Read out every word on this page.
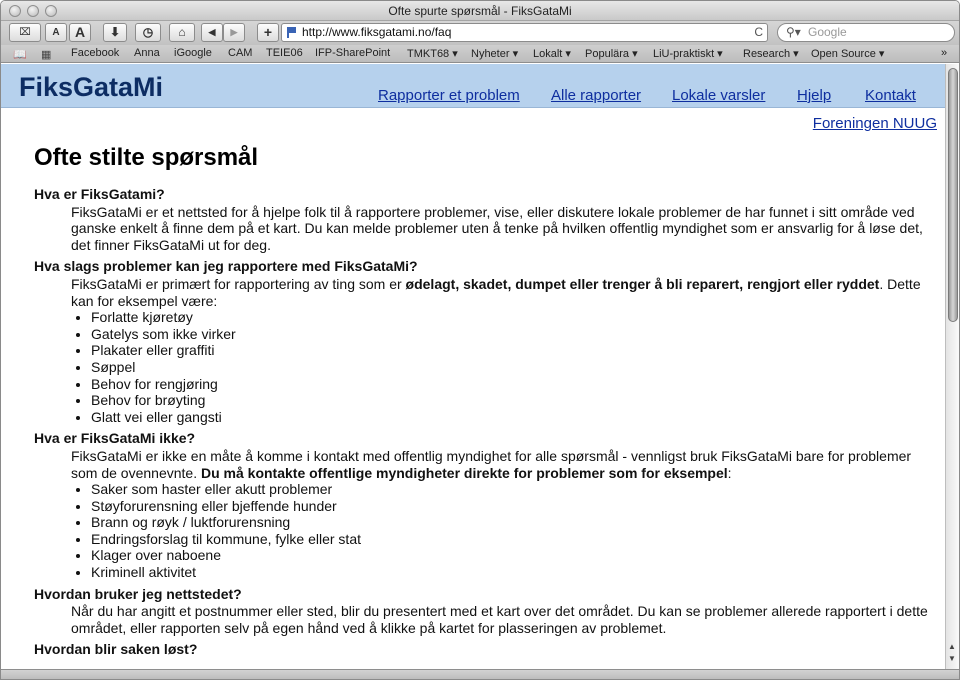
Ofte spurte spørsmål - FiksGataMi
⌧	A	A	⬇	◷	⌂	◀	▶	+	http://www.fiksgatami.no/faq	C ⚲▾ Google
📖 ▦ Facebook Anna iGoogle CAM TEIE06 IFP-SharePoint TMKT68 ▾ Nyheter ▾ Lokalt ▾ Populära ▾ LiU-praktiskt ▾ Research ▾ Open Source ▾	»
FiksGataMi	Rapporter et problem Alle rapporter Lokale varsler Hjelp Kontakt
Foreningen NUUG
Ofte stilte spørsmål
Hva er FiksGatami?
FiksGataMi er et nettsted for å hjelpe folk til å rapportere problemer, vise, eller diskutere lokale problemer de har funnet i sitt område ved ganske enkelt å finne dem på et kart. Du kan melde problemer uten å tenke på hvilken offentlig myndighet som er ansvarlig for å løse det, det finner FiksGataMi ut for deg.
Hva slags problemer kan jeg rapportere med FiksGataMi?
FiksGataMi er primært for rapportering av ting som er ødelagt, skadet, dumpet eller trenger å bli reparert, rengjort eller ryddet. Dette kan for eksempel være:
• Forlatte kjøretøy
• Gatelys som ikke virker
• Plakater eller graffiti
• Søppel
• Behov for rengjøring
• Behov for brøyting
• Glatt vei eller gangsti
Hva er FiksGataMi ikke?
FiksGataMi er ikke en måte å komme i kontakt med offentlig myndighet for alle spørsmål - vennligst bruk FiksGataMi bare for problemer som de ovennevnte. Du må kontakte offentlige myndigheter direkte for problemer som for eksempel:
• Saker som haster eller akutt problemer
• Støyforurensning eller bjeffende hunder
• Brann og røyk / luktforurensning
• Endringsforslag til kommune, fylke eller stat
• Klager over naboene
• Kriminell aktivitet
Hvordan bruker jeg nettstedet?
Når du har angitt et postnummer eller sted, blir du presentert med et kart over det området. Du kan se problemer allerede rapportert i dette området, eller rapporten selv på egen hånd ved å klikke på kartet for plasseringen av problemet.
Hvordan blir saken løst?	▲
▼
